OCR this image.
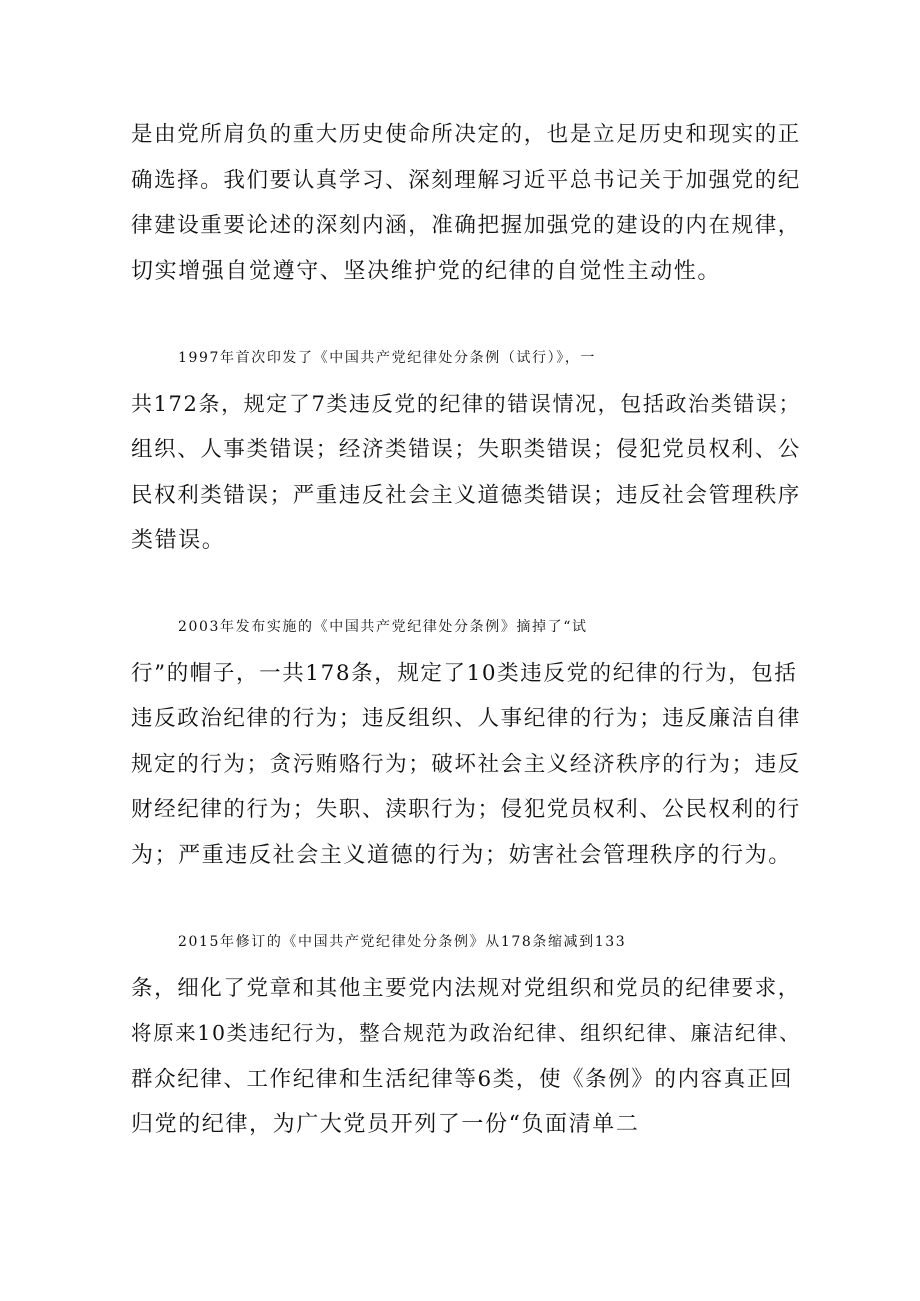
是由党所肩负的重大历史使命所决定的，也是立足历史和现实的正
确选择。我们要认真学习、深刻理解习近平总书记关于加强党的纪
律建设重要论述的深刻内涵，准确把握加强党的建设的内在规律，
切实增强自觉遵守、坚决维护党的纪律的自觉性主动性。

1997年首次印发了《中国共产党纪律处分条例（试行）》，一
共172条，规定了7类违反党的纪律的错误情况，包括政治类错误；
组织、人事类错误；经济类错误；失职类错误；侵犯党员权利、公
民权利类错误；严重违反社会主义道德类错误；违反社会管理秩序
类错误。

2003年发布实施的《中国共产党纪律处分条例》摘掉了“试
行”的帽子，一共178条，规定了10类违反党的纪律的行为，包括
违反政治纪律的行为；违反组织、人事纪律的行为；违反廉洁自律
规定的行为；贪污贿赂行为；破坏社会主义经济秩序的行为；违反
财经纪律的行为；失职、渎职行为；侵犯党员权利、公民权利的行
为；严重违反社会主义道德的行为；妨害社会管理秩序的行为。

2015年修订的《中国共产党纪律处分条例》从178条缩减到133
条，细化了党章和其他主要党内法规对党组织和党员的纪律要求，
将原来10类违纪行为，整合规范为政治纪律、组织纪律、廉洁纪律、
群众纪律、工作纪律和生活纪律等6类，使《条例》的内容真正回
归党的纪律，为广大党员开列了一份“负面清单二
